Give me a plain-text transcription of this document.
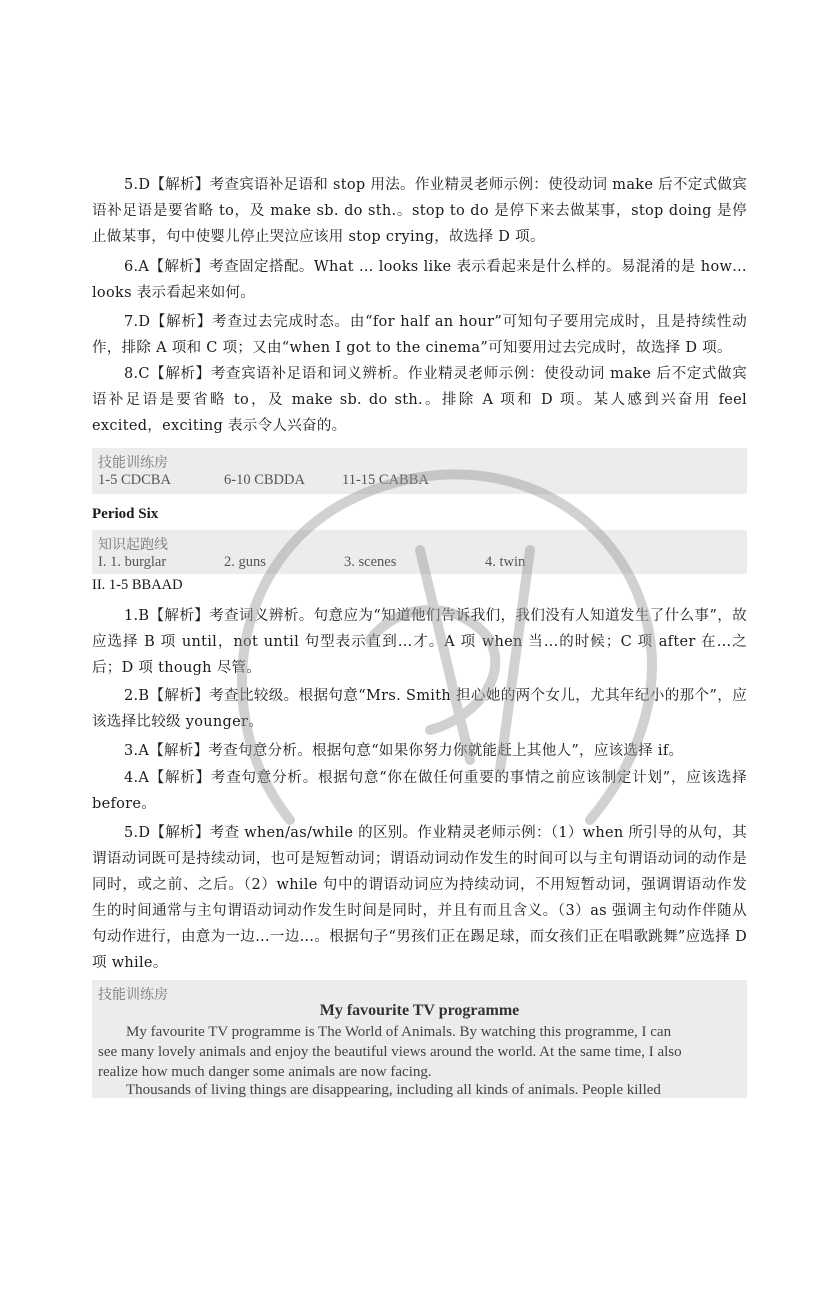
5.D【解析】考查宾语补足语和 stop 用法。作业精灵老师示例：使役动词 make 后不定式做宾语补足语是要省略 to，及 make sb. do sth.。stop to do 是停下来去做某事，stop doing 是停止做某事，句中使婴儿停止哭泣应该用 stop crying，故选择 D 项。

6.A【解析】考查固定搭配。What … looks like 表示看起来是什么样的。易混淆的是 how…looks 表示看起来如何。

7.D【解析】考查过去完成时态。由“for half an hour”可知句子要用完成时，且是持续性动作，排除 A 项和 C 项；又由“when I got to the cinema”可知要用过去完成时，故选择 D 项。

8.C【解析】考查宾语补足语和词义辨析。作业精灵老师示例：使役动词 make 后不定式做宾语补足语是要省略 to，及 make sb. do sth.。排除 A 项和 D 项。某人感到兴奋用 feel excited，exciting 表示令人兴奋的。

技能训练房
1-5 CDCBA	6-10 CBDDA	11-15 CABBA
Period Six
知识起跑线
I. 1. burglar	2. guns	3. scenes	4. twin
II. 1-5 BBAAD

1.B【解析】考查词义辨析。句意应为“知道他们告诉我们，我们没有人知道发生了什么事”，故应选择 B 项 until，not until 句型表示直到…才。A 项 when 当…的时候；C 项 after 在…之后；D 项 though 尽管。

2.B【解析】考查比较级。根据句意“Mrs. Smith 担心她的两个女儿，尤其年纪小的那个”，应该选择比较级 younger。

3.A【解析】考查句意分析。根据句意“如果你努力你就能赶上其他人”，应该选择 if。

4.A【解析】考查句意分析。根据句意“你在做任何重要的事情之前应该制定计划”，应该选择 before。

5.D【解析】考查 when/as/while 的区别。作业精灵老师示例：（1）when 所引导的从句，其谓语动词既可是持续动词，也可是短暂动词；谓语动词动作发生的时间可以与主句谓语动词的动作是同时，或之前、之后。（2）while 句中的谓语动词应为持续动词，不用短暂动词，强调谓语动作发生的时间通常与主句谓语动词动作发生时间是同时，并且有而且含义。（3）as 强调主句动作伴随从句动作进行，由意为一边…一边…。根据句子“男孩们正在踢足球，而女孩们正在唱歌跳舞”应选择 D 项 while。

技能训练房
My favourite TV programme
My favourite TV programme is The World of Animals. By watching this programme, I can
see many lovely animals and enjoy the beautiful views around the world. At the same time, I also
realize how much danger some animals are now facing.
Thousands of living things are disappearing, including all kinds of animals. People killed
